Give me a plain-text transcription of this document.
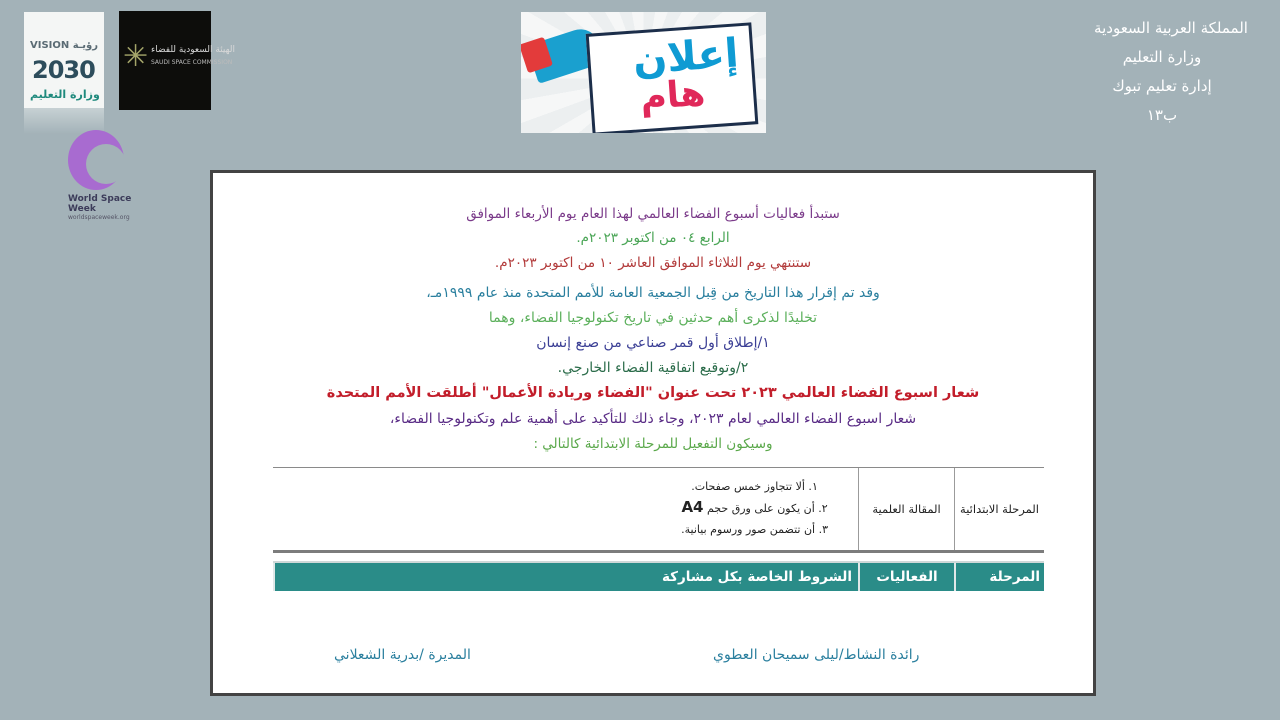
VISION رؤيـة
2030
وزارة التعليم
✳ الهيئة السعودية للفضاء
SAUDI SPACE COMMISSION
World Space
Week
worldspaceweek.org
إعلان
هام
المملكة العربية السعودية
وزارة التعليم
إدارة تعليم تبوك
ب١٣
ستبدأ فعاليات أسبوع الفضاء العالمي لهذا العام يوم الأربعاء الموافق
الرابع ٠٤ من اكتوبر ٢٠٢٣م.
ستنتهي يوم الثلاثاء الموافق العاشر ١٠ من اكتوبر ٢٠٢٣م.
وقد تم إقرار هذا التاريخ من قِبل الجمعية العامة للأمم المتحدة منذ عام ١٩٩٩مـ،
تخليدًا لذكرى أهم حدثين في تاريخ تكنولوجيا الفضاء، وهما
١/إطلاق أول قمر صناعي من صنع إنسان
٢/وتوقيع اتفاقية الفضاء الخارجي.
شعار اسبوع الفضاء العالمي ٢٠٢٣ تحت عنوان "الفضاء وريادة الأعمال" أطلقت الأمم المتحدة
شعار اسبوع الفضاء العالمي لعام ٢٠٢٣، وجاء ذلك للتأكيد على أهمية علم وتكنولوجيا الفضاء،
وسيكون التفعيل للمرحلة الابتدائية كالتالي :
المرحلة الابتدائية
المقالة العلمية
١. ألا تتجاوز خمس صفحات.
٢. أن يكون على ورق حجم A4
٣. أن تتضمن صور ورسوم بيانية.
المرحلة
الفعاليات
الشروط الخاصة بكل مشاركة
رائدة النشاط/ليلى سميحان العطوي
المديرة /بدرية الشعلاني
